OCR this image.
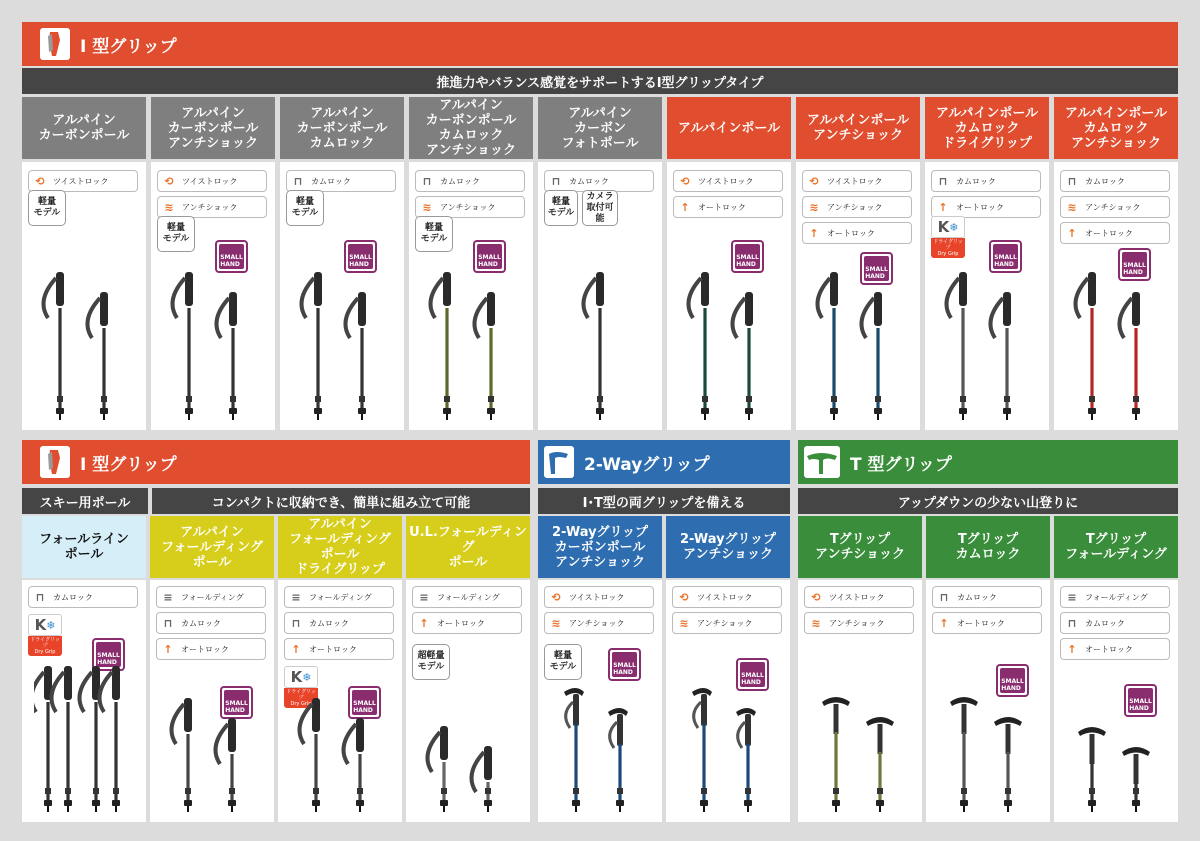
I 型グリップ
推進力やバランス感覚をサポートするI型グリップタイプ
アルパイン
カーボンポール
⟲	ツイストロック
軽量
モデル
アルパイン
カーボンポール
アンチショック
⟲	ツイストロック
≋	アンチショック
軽量
モデル
SMALL
HAND
アルパイン
カーボンポール
カムロック
⊓	カムロック
軽量
モデル
SMALL
HAND
アルパイン
カーボンポール
カムロック
アンチショック
⊓	カムロック
≋	アンチショック
軽量
モデル
SMALL
HAND
アルパイン
カーボン
フォトポール
⊓	カムロック
軽量
モデル
カメラ
取付可能
アルパインポール
⟲	ツイストロック
↑	オートロック
SMALL
HAND
アルパインポール
アンチショック
⟲	ツイストロック
≋	アンチショック
↑	オートロック
SMALL
HAND
アルパインポール
カムロック
ドライグリップ
⊓	カムロック
↑	オートロック
SMALL
HAND
K ❄
ドライグリップ
Dry Grip
アルパインポール
カムロック
アンチショック
⊓	カムロック
≋	アンチショック
↑	オートロック
SMALL
HAND
I 型グリップ
スキー用ポール	コンパクトに収納でき、簡単に組み立て可能
フォールライン
ポール
⊓	カムロック
SMALL
HAND
K ❄
ドライグリップ
Dry Grip
アルパイン
フォールディング
ポール
≡	フォールディング
⊓	カムロック
↑	オートロック
SMALL
HAND
アルパイン
フォールディング
ポール
ドライグリップ
≡	フォールディング
⊓	カムロック
↑	オートロック
SMALL
HAND
K ❄
ドライグリップ
Dry Grip
U.L.フォールディング
ポール
≡	フォールディング
↑	オートロック
超軽量
モデル
2-Wayグリップ
I･T型の両グリップを備える
2-Wayグリップ
カーボンポール
アンチショック
⟲	ツイストロック
≋	アンチショック
軽量
モデル	SMALL
HAND
2-Wayグリップ
アンチショック
⟲	ツイストロック
≋	アンチショック
SMALL
HAND
T 型グリップ
アップダウンの少ない山登りに
Tグリップ
アンチショック
⟲	ツイストロック
≋	アンチショック
Tグリップ
カムロック
⊓	カムロック
↑	オートロック
SMALL
HAND
Tグリップ
フォールディング
≡	フォールディング
⊓	カムロック
↑	オートロック
SMALL
HAND
